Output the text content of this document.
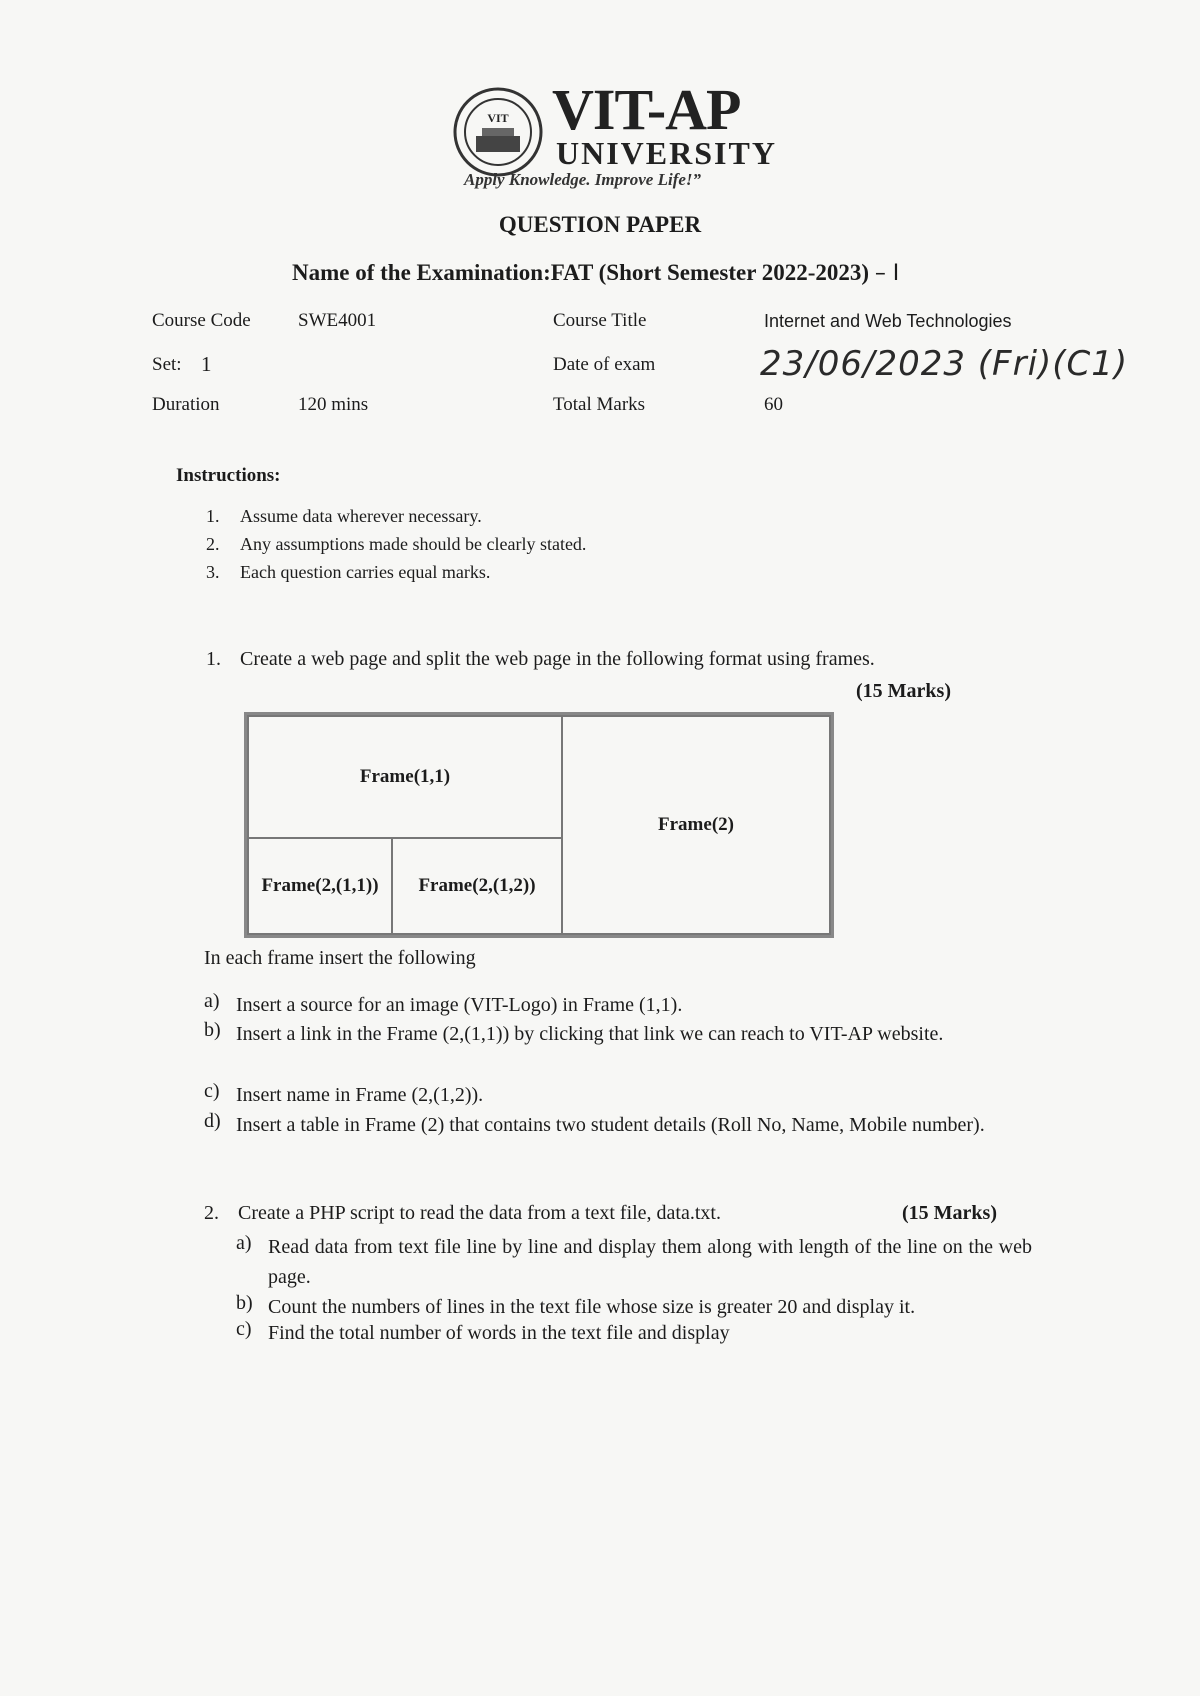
VIT VIT-AP
UNIVERSITY
Apply Knowledge. Improve Life!”
QUESTION PAPER
Name of the Examination:FAT (Short Semester 2022-2023) – I
Course Code SWE4001	Course Title	Internet and Web Technologies
Set: 1	Date of exam	23/06/2023 (Fri)(C1)
Duration	120 mins	Total Marks	60
Instructions:
1. Assume data wherever necessary.
2. Any assumptions made should be clearly stated.
3. Each question carries equal marks.
1. Create a web page and split the web page in the following format using frames.
(15 Marks)
Frame(1,1)
Frame(2,(1,1)) Frame(2,(1,2))
Frame(2)
In each frame insert the following
a) Insert a source for an image (VIT-Logo) in Frame (1,1).
b) Insert a link in the Frame (2,(1,1)) by clicking that link we can reach to VIT-AP website.
c) Insert name in Frame (2,(1,2)).
d) Insert a table in Frame (2) that contains two student details (Roll No, Name, Mobile number).
2. Create a PHP script to read the data from a text file, data.txt.	(15 Marks)
a) Read data from text file line by line and display them along with length of the line on the web page.
b) Count the numbers of lines in the text file whose size is greater 20 and display it.
c) Find the total number of words in the text file and display
